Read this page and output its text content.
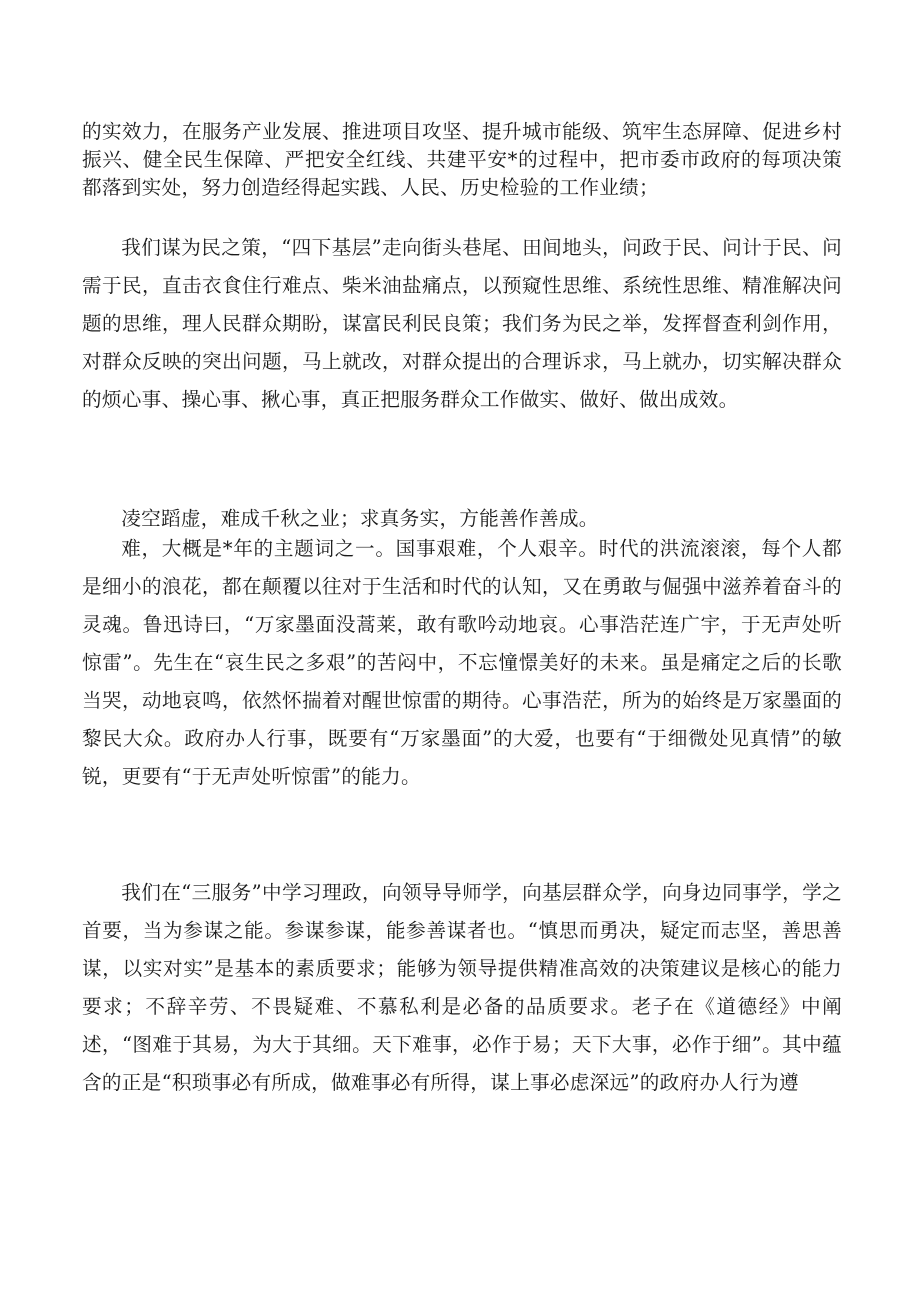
的实效力，在服务产业发展、推进项目攻坚、提升城市能级、筑牢生态屏障、促进乡村振兴、健全民生保障、严把安全红线、共建平安*的过程中，把市委市政府的每项决策都落到实处，努力创造经得起实践、人民、历史检验的工作业绩；

我们谋为民之策，“四下基层”走向街头巷尾、田间地头，问政于民、问计于民、问需于民，直击衣食住行难点、柴米油盐痛点，以预窥性思维、系统性思维、精准解决问题的思维，理人民群众期盼，谋富民利民良策；我们务为民之举，发挥督查利剑作用，对群众反映的突出问题，马上就改，对群众提出的合理诉求，马上就办，切实解决群众的烦心事、操心事、揪心事，真正把服务群众工作做实、做好、做出成效。

凌空蹈虚，难成千秋之业；求真务实，方能善作善成。

难，大概是*年的主题词之一。国事艰难，个人艰辛。时代的洪流滚滚，每个人都是细小的浪花，都在颠覆以往对于生活和时代的认知，又在勇敢与倔强中滋养着奋斗的灵魂。鲁迅诗曰，“万家墨面没蒿莱，敢有歌吟动地哀。心事浩茫连广宇，于无声处听惊雷”。先生在“哀生民之多艰”的苦闷中，不忘憧憬美好的未来。虽是痛定之后的长歌当哭，动地哀鸣，依然怀揣着对醒世惊雷的期待。心事浩茫，所为的始终是万家墨面的黎民大众。政府办人行事，既要有“万家墨面”的大爱，也要有“于细微处见真情”的敏锐，更要有“于无声处听惊雷”的能力。

我们在“三服务”中学习理政，向领导导师学，向基层群众学，向身边同事学，学之首要，当为参谋之能。参谋参谋，能参善谋者也。“慎思而勇决，疑定而志坚，善思善谋，以实对实”是基本的素质要求；能够为领导提供精准高效的决策建议是核心的能力要求；不辞辛劳、不畏疑难、不慕私利是必备的品质要求。老子在《道德经》中阐述，“图难于其易，为大于其细。天下难事，必作于易；天下大事，必作于细”。其中蕴含的正是“积琐事必有所成，做难事必有所得，谋上事必虑深远”的政府办人行为遵
